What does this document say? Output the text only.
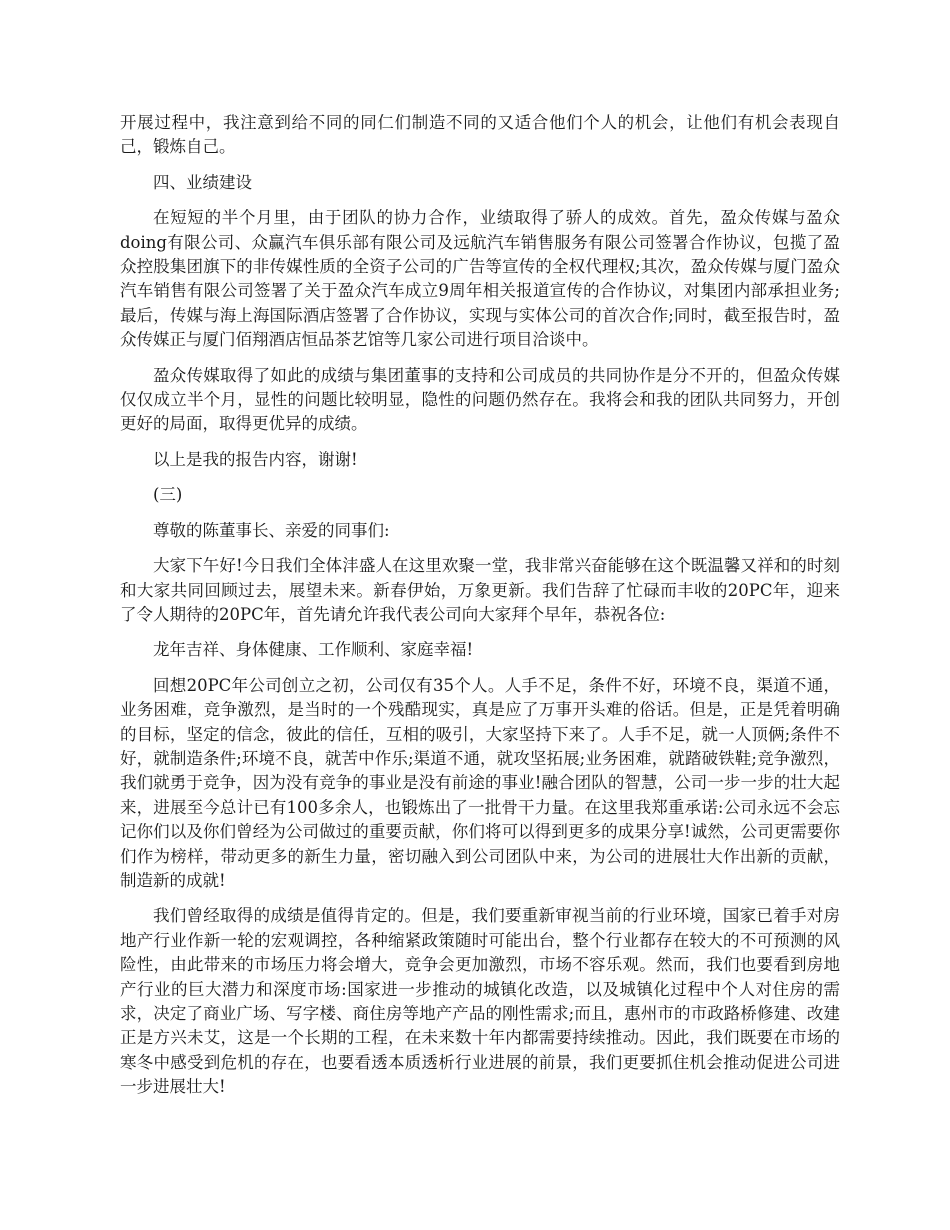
开展过程中，我注意到给不同的同仁们制造不同的又适合他们个人的机会，让他们有机会表现自己，锻炼自己。

四、业绩建设

在短短的半个月里，由于团队的协力合作，业绩取得了骄人的成效。首先，盈众传媒与盈众doing有限公司、众赢汽车俱乐部有限公司及远航汽车销售服务有限公司签署合作协议，包揽了盈众控股集团旗下的非传媒性质的全资子公司的广告等宣传的全权代理权;其次，盈众传媒与厦门盈众汽车销售有限公司签署了关于盈众汽车成立9周年相关报道宣传的合作协议，对集团内部承担业务;最后，传媒与海上海国际酒店签署了合作协议，实现与实体公司的首次合作;同时，截至报告时，盈众传媒正与厦门佰翔酒店恒品茶艺馆等几家公司进行项目洽谈中。

盈众传媒取得了如此的成绩与集团董事的支持和公司成员的共同协作是分不开的，但盈众传媒仅仅成立半个月，显性的问题比较明显，隐性的问题仍然存在。我将会和我的团队共同努力，开创更好的局面，取得更优异的成绩。

以上是我的报告内容，谢谢!

(三)

尊敬的陈董事长、亲爱的同事们:

大家下午好!今日我们全体沣盛人在这里欢聚一堂，我非常兴奋能够在这个既温馨又祥和的时刻和大家共同回顾过去，展望未来。新春伊始，万象更新。我们告辞了忙碌而丰收的20PC年，迎来了令人期待的20PC年，首先请允许我代表公司向大家拜个早年，恭祝各位:

龙年吉祥、身体健康、工作顺利、家庭幸福!

回想20PC年公司创立之初，公司仅有35个人。人手不足，条件不好，环境不良，渠道不通，业务困难，竞争激烈，是当时的一个残酷现实，真是应了万事开头难的俗话。但是，正是凭着明确的目标，坚定的信念，彼此的信任，互相的吸引，大家坚持下来了。人手不足，就一人顶俩;条件不好，就制造条件;环境不良，就苦中作乐;渠道不通，就攻坚拓展;业务困难，就踏破铁鞋;竞争激烈，我们就勇于竞争，因为没有竞争的事业是没有前途的事业!融合团队的智慧，公司一步一步的壮大起来，进展至今总计已有100多余人，也锻炼出了一批骨干力量。在这里我郑重承诺:公司永远不会忘记你们以及你们曾经为公司做过的重要贡献，你们将可以得到更多的成果分享!诚然，公司更需要你们作为榜样，带动更多的新生力量，密切融入到公司团队中来，为公司的进展壮大作出新的贡献，制造新的成就!

我们曾经取得的成绩是值得肯定的。但是，我们要重新审视当前的行业环境，国家已着手对房地产行业作新一轮的宏观调控，各种缩紧政策随时可能出台，整个行业都存在较大的不可预测的风险性，由此带来的市场压力将会增大，竞争会更加激烈，市场不容乐观。然而，我们也要看到房地产行业的巨大潜力和深度市场:国家进一步推动的城镇化改造，以及城镇化过程中个人对住房的需求，决定了商业广场、写字楼、商住房等地产产品的刚性需求;而且，惠州市的市政路桥修建、改建正是方兴未艾，这是一个长期的工程，在未来数十年内都需要持续推动。因此，我们既要在市场的寒冬中感受到危机的存在，也要看透本质透析行业进展的前景，我们更要抓住机会推动促进公司进一步进展壮大!
